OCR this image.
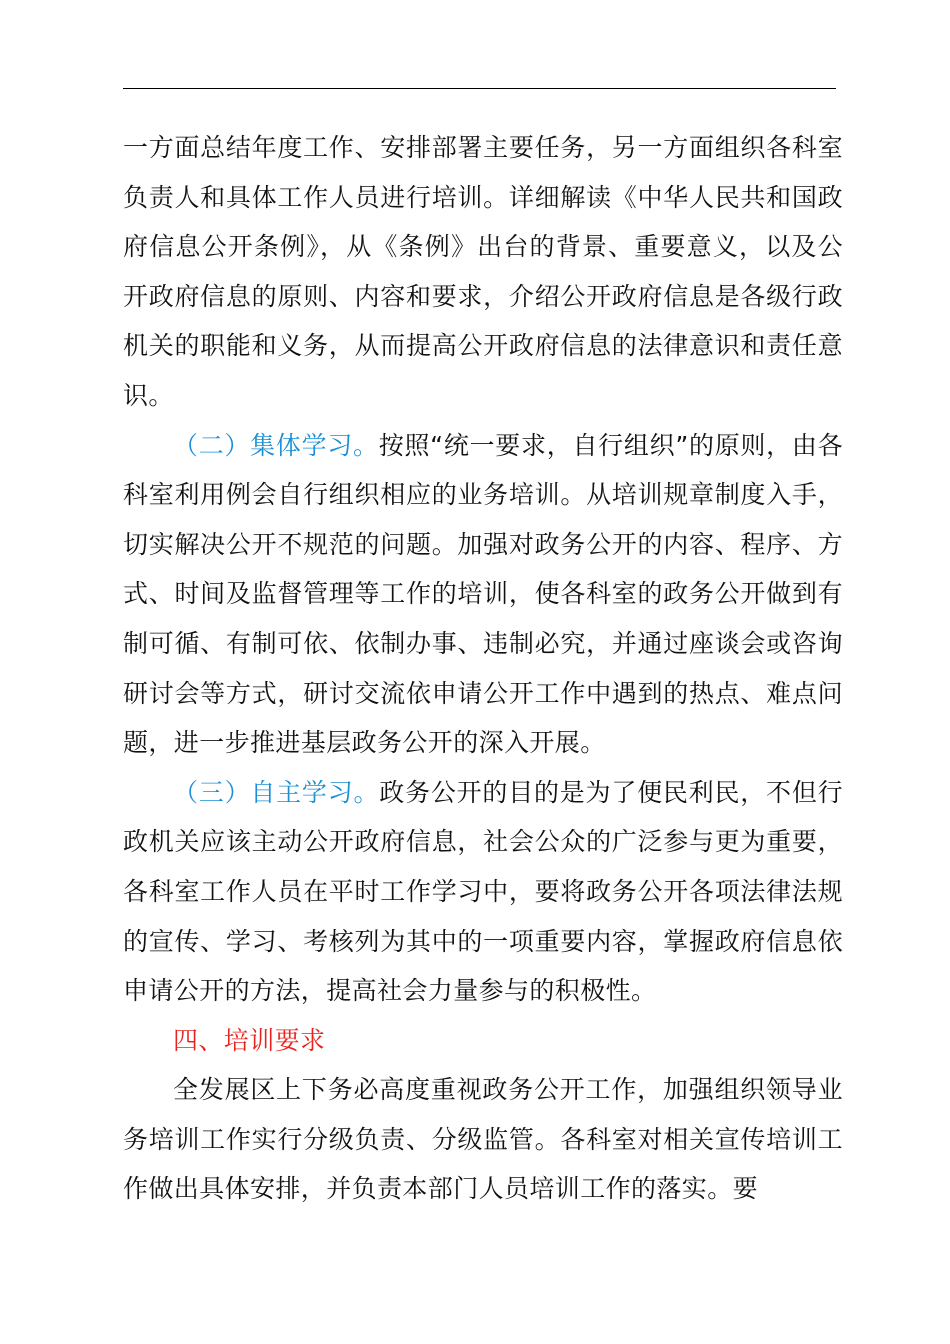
一方面总结年度工作、安排部署主要任务，另一方面组织各科室负责人和具体工作人员进行培训。详细解读《中华人民共和国政府信息公开条例》，从《条例》出台的背景、重要意义，以及公开政府信息的原则、内容和要求，介绍公开政府信息是各级行政机关的职能和义务，从而提高公开政府信息的法律意识和责任意识。

（二）集体学习。按照“统一要求，自行组织”的原则，由各科室利用例会自行组织相应的业务培训。从培训规章制度入手，切实解决公开不规范的问题。加强对政务公开的内容、程序、方式、时间及监督管理等工作的培训，使各科室的政务公开做到有制可循、有制可依、依制办事、违制必究，并通过座谈会或咨询研讨会等方式，研讨交流依申请公开工作中遇到的热点、难点问题，进一步推进基层政务公开的深入开展。

（三）自主学习。政务公开的目的是为了便民利民，不但行政机关应该主动公开政府信息，社会公众的广泛参与更为重要，各科室工作人员在平时工作学习中，要将政务公开各项法律法规的宣传、学习、考核列为其中的一项重要内容，掌握政府信息依申请公开的方法，提高社会力量参与的积极性。

四、培训要求

全发展区上下务必高度重视政务公开工作，加强组织领导业务培训工作实行分级负责、分级监管。各科室对相关宣传培训工作做出具体安排，并负责本部门人员培训工作的落实。要
